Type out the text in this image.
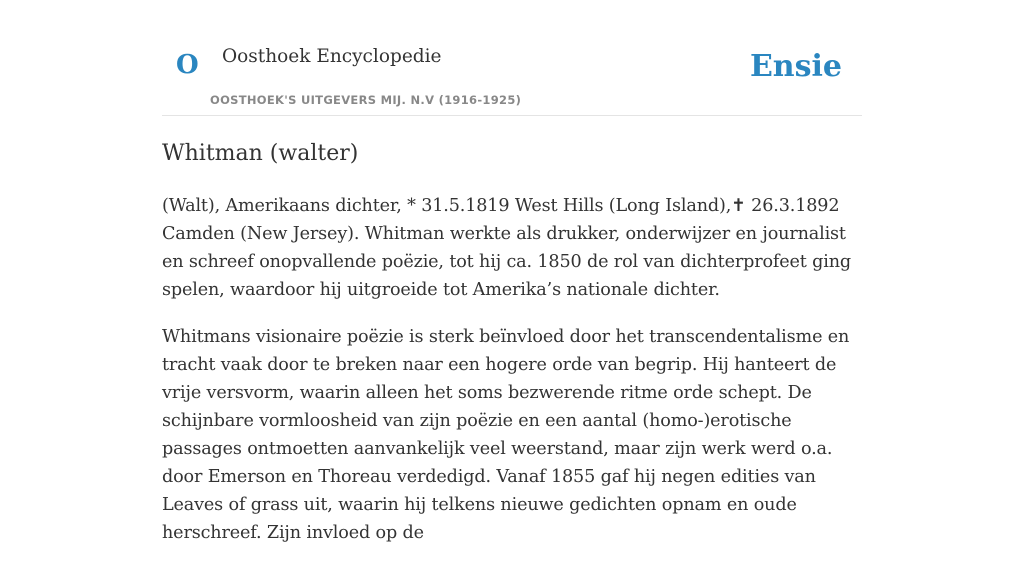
O Oosthoek Encyclopedie
OOSTHOEK'S UITGEVERS MIJ. N.V (1916-1925)
Ensie
Whitman (walter)

(Walt), Amerikaans dichter, * 31.5.1819 West Hills (Long Island),✝ 26.3.1892 Camden (New Jersey). Whitman werkte als drukker, onderwijzer en journalist en schreef onopvallende poëzie, tot hij ca. 1850 de rol van dichterprofeet ging spelen, waardoor hij uitgroeide tot Amerika’s nationale dichter.

Whitmans visionaire poëzie is sterk beïnvloed door het transcendentalisme en tracht vaak door te breken naar een hogere orde van begrip. Hij hanteert de vrije versvorm, waarin alleen het soms bezwerende ritme orde schept. De schijnbare vormloosheid van zijn poëzie en een aantal (homo-)erotische passages ontmoetten aanvankelijk veel weerstand, maar zijn werk werd o.a. door Emerson en Thoreau verdedigd. Vanaf 1855 gaf hij negen edities van Leaves of grass uit, waarin hij telkens nieuwe gedichten opnam en oude herschreef. Zijn invloed op de
